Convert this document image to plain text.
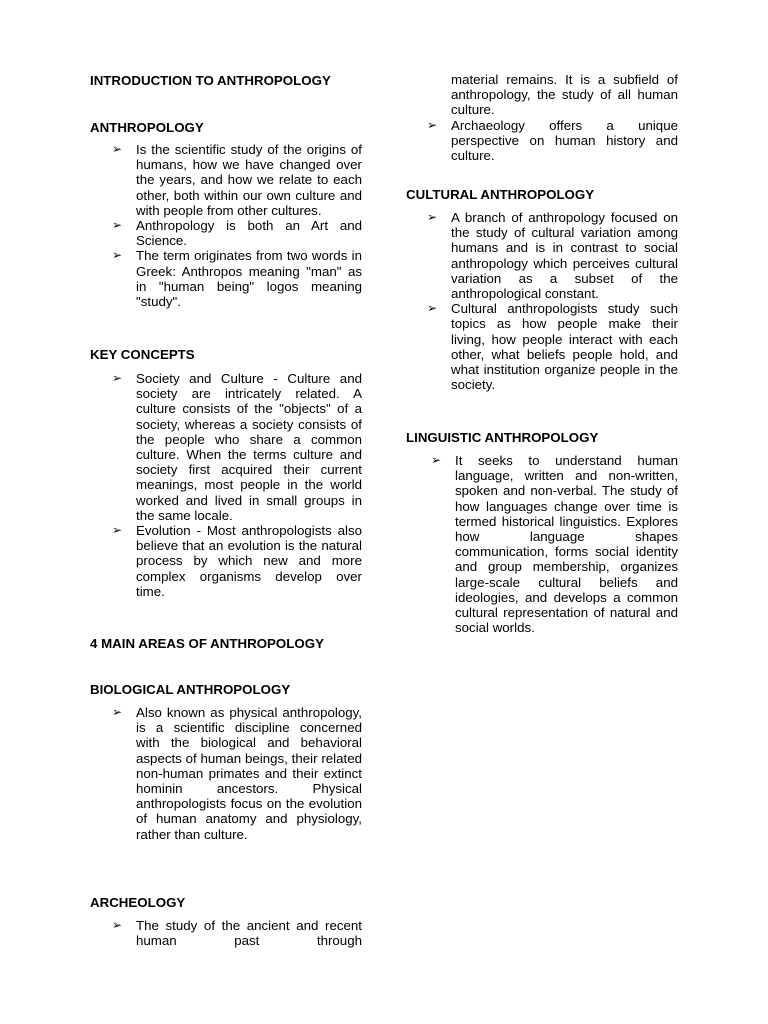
INTRODUCTION TO ANTHROPOLOGY
ANTHROPOLOGY
➢ Is the scientific study of the origins of humans, how we have changed over the years, and how we relate to each other, both within our own culture and with people from other cultures.
➢ Anthropology is both an Art and Science.
➢ The term originates from two words in Greek: Anthropos meaning "man" as in "human being" logos meaning "study".
KEY CONCEPTS
➢ Society and Culture - Culture and society are intricately related. A culture consists of the "objects" of a society, whereas a society consists of the people who share a common culture. When the terms culture and society first acquired their current meanings, most people in the world worked and lived in small groups in the same locale.
➢ Evolution - Most anthropologists also believe that an evolution is the natural process by which new and more complex organisms develop over time.
4 MAIN AREAS OF ANTHROPOLOGY
BIOLOGICAL ANTHROPOLOGY
➢ Also known as physical anthropology, is a scientific discipline concerned with the biological and behavioral aspects of human beings, their related non-human primates and their extinct hominin ancestors. Physical anthropologists focus on the evolution of human anatomy and physiology, rather than culture.
ARCHEOLOGY
➢ The study of the ancient and recent human past through

material remains. It is a subfield of anthropology, the study of all human culture.

➢ Archaeology offers a unique perspective on human history and culture.
CULTURAL ANTHROPOLOGY
➢ A branch of anthropology focused on the study of cultural variation among humans and is in contrast to social anthropology which perceives cultural variation as a subset of the anthropological constant.
➢ Cultural anthropologists study such topics as how people make their living, how people interact with each other, what beliefs people hold, and what institution organize people in the society.
LINGUISTIC ANTHROPOLOGY
➢ It seeks to understand human language, written and non-written, spoken and non-verbal. The study of how languages change over time is termed historical linguistics. Explores how language shapes communication, forms social identity and group membership, organizes large-scale cultural beliefs and ideologies, and develops a common cultural representation of natural and social worlds.
